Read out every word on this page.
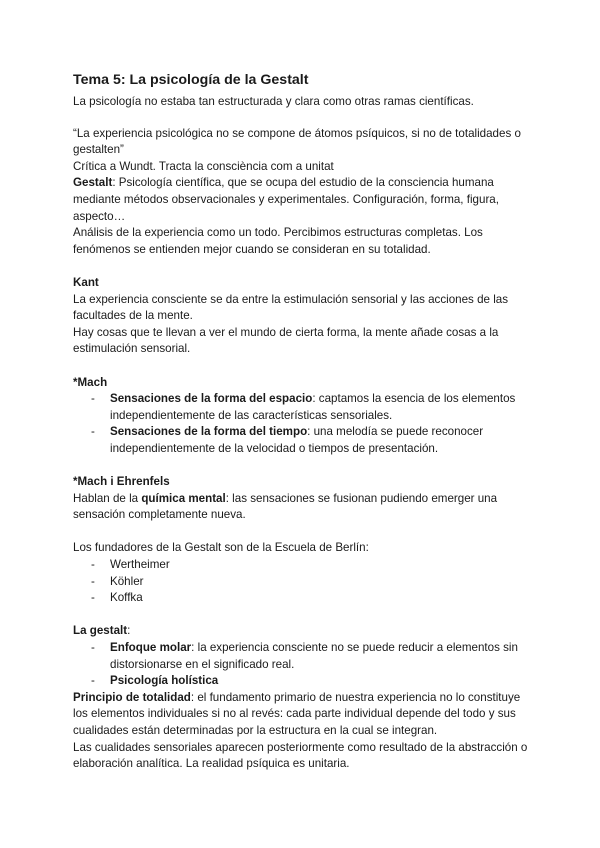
Tema 5: La psicología de la Gestalt

La psicología no estaba tan estructurada y clara como otras ramas científicas.

“La experiencia psicológica no se compone de átomos psíquicos, si no de totalidades o gestalten”

Crítica a Wundt. Tracta la consciència com a unitat

Gestalt: Psicología científica, que se ocupa del estudio de la consciencia humana mediante métodos observacionales y experimentales. Configuración, forma, figura, aspecto…

Análisis de la experiencia como un todo. Percibimos estructuras completas. Los fenómenos se entienden mejor cuando se consideran en su totalidad.

Kant

La experiencia consciente se da entre la estimulación sensorial y las acciones de las facultades de la mente.

Hay cosas que te llevan a ver el mundo de cierta forma, la mente añade cosas a la estimulación sensorial.

*Mach
- Sensaciones de la forma del espacio: captamos la esencia de los elementos independientemente de las características sensoriales.
- Sensaciones de la forma del tiempo: una melodía se puede reconocer independientemente de la velocidad o tiempos de presentación.
*Mach i Ehrenfels

Hablan de la química mental: las sensaciones se fusionan pudiendo emerger una sensación completamente nueva.

Los fundadores de la Gestalt son de la Escuela de Berlín:

- Wertheimer
- Köhler
- Koffka

La gestalt:

- Enfoque molar: la experiencia consciente no se puede reducir a elementos sin distorsionarse en el significado real.
- Psicología holística

Principio de totalidad: el fundamento primario de nuestra experiencia no lo constituye los elementos individuales si no al revés: cada parte individual depende del todo y sus cualidades están determinadas por la estructura en la cual se integran.

Las cualidades sensoriales aparecen posteriormente como resultado de la abstracción o elaboración analítica. La realidad psíquica es unitaria.
